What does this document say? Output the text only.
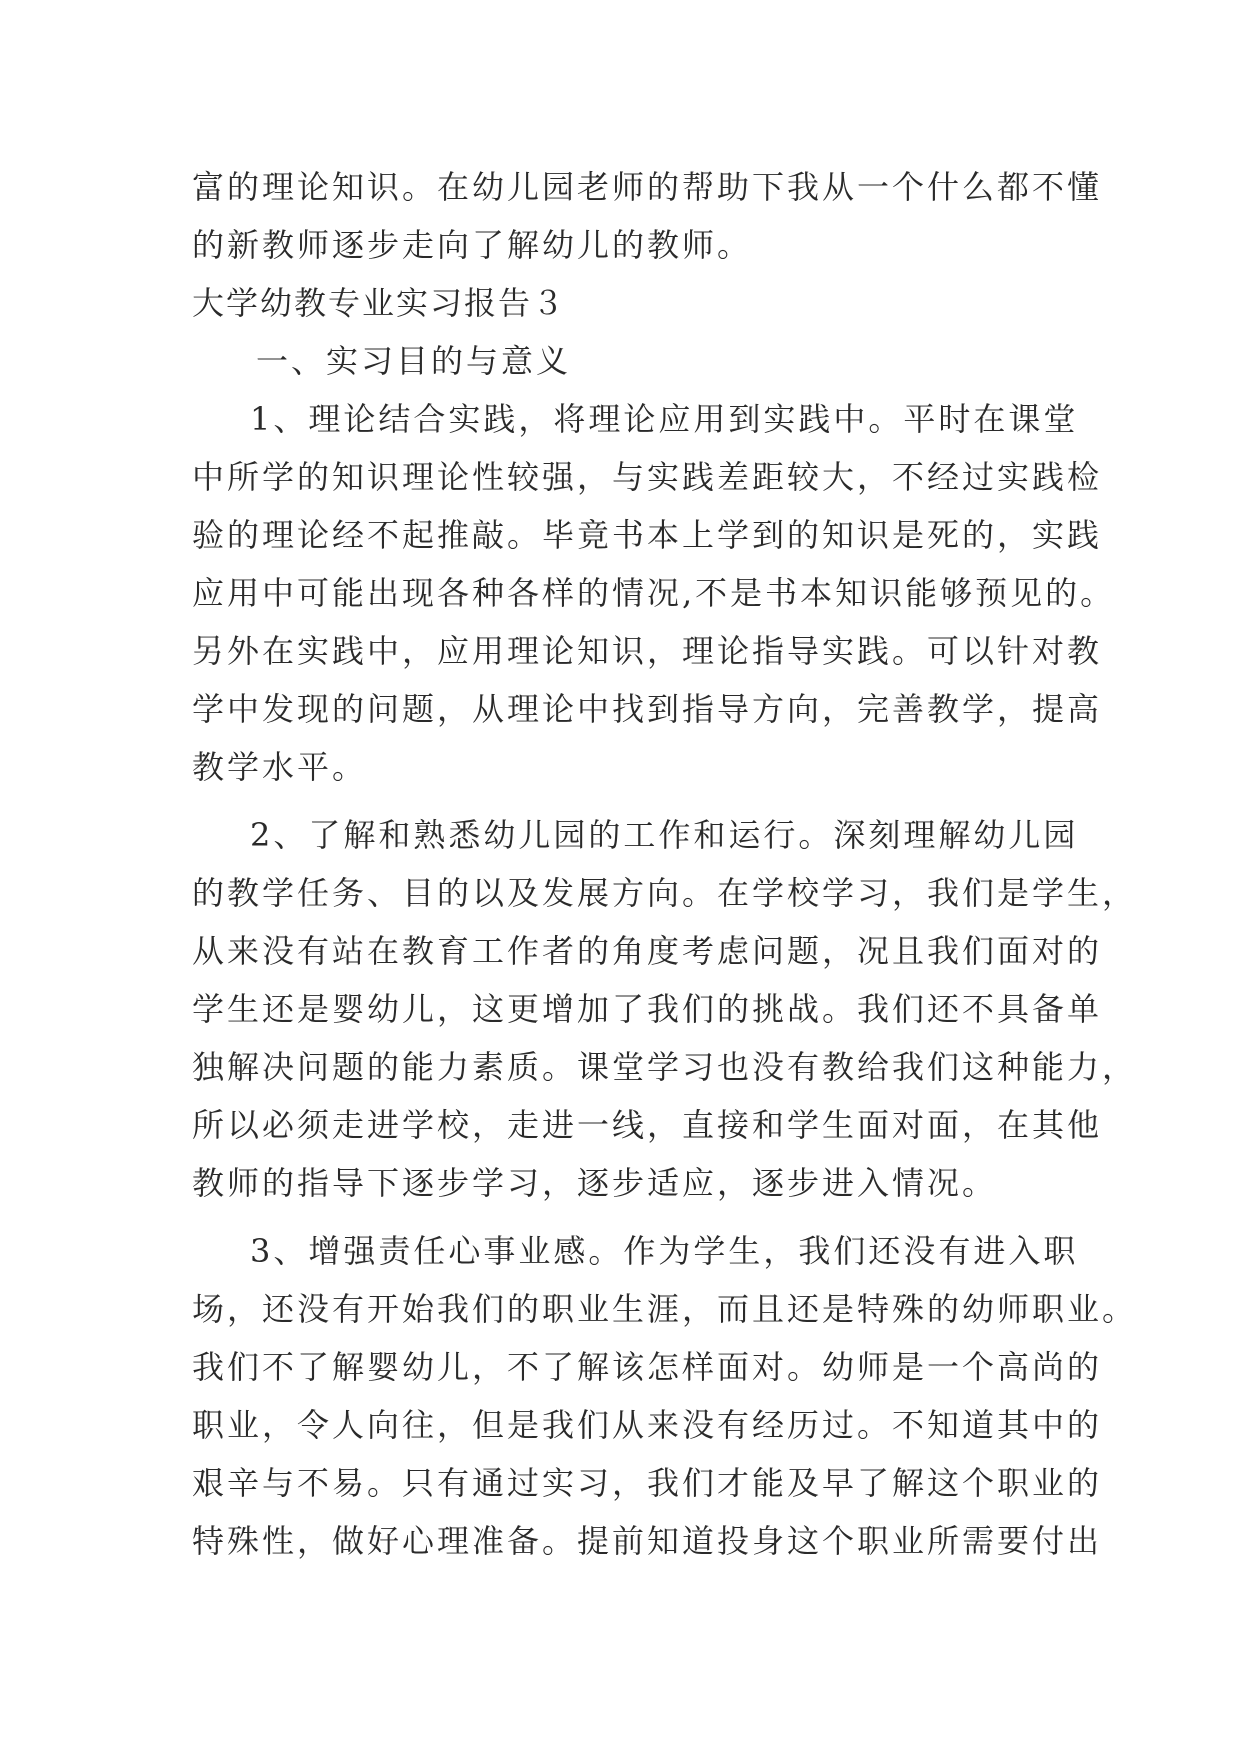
富的理论知识。在幼儿园老师的帮助下我从一个什么都不懂
的新教师逐步走向了解幼儿的教师。
大学幼教专业实习报告３
一、实习目的与意义
1、理论结合实践，将理论应用到实践中。平时在课堂
中所学的知识理论性较强，与实践差距较大，不经过实践检
验的理论经不起推敲。毕竟书本上学到的知识是死的，实践
应用中可能出现各种各样的情况,不是书本知识能够预见的。
另外在实践中，应用理论知识，理论指导实践。可以针对教
学中发现的问题，从理论中找到指导方向，完善教学，提高
教学水平。
2、了解和熟悉幼儿园的工作和运行。深刻理解幼儿园
的教学任务、目的以及发展方向。在学校学习，我们是学生，
从来没有站在教育工作者的角度考虑问题，况且我们面对的
学生还是婴幼儿，这更增加了我们的挑战。我们还不具备单
独解决问题的能力素质。课堂学习也没有教给我们这种能力，
所以必须走进学校，走进一线，直接和学生面对面，在其他
教师的指导下逐步学习，逐步适应，逐步进入情况。
3、增强责任心事业感。作为学生，我们还没有进入职
场，还没有开始我们的职业生涯，而且还是特殊的幼师职业。
我们不了解婴幼儿，不了解该怎样面对。幼师是一个高尚的
职业，令人向往，但是我们从来没有经历过。不知道其中的
艰辛与不易。只有通过实习，我们才能及早了解这个职业的
特殊性，做好心理准备。提前知道投身这个职业所需要付出
